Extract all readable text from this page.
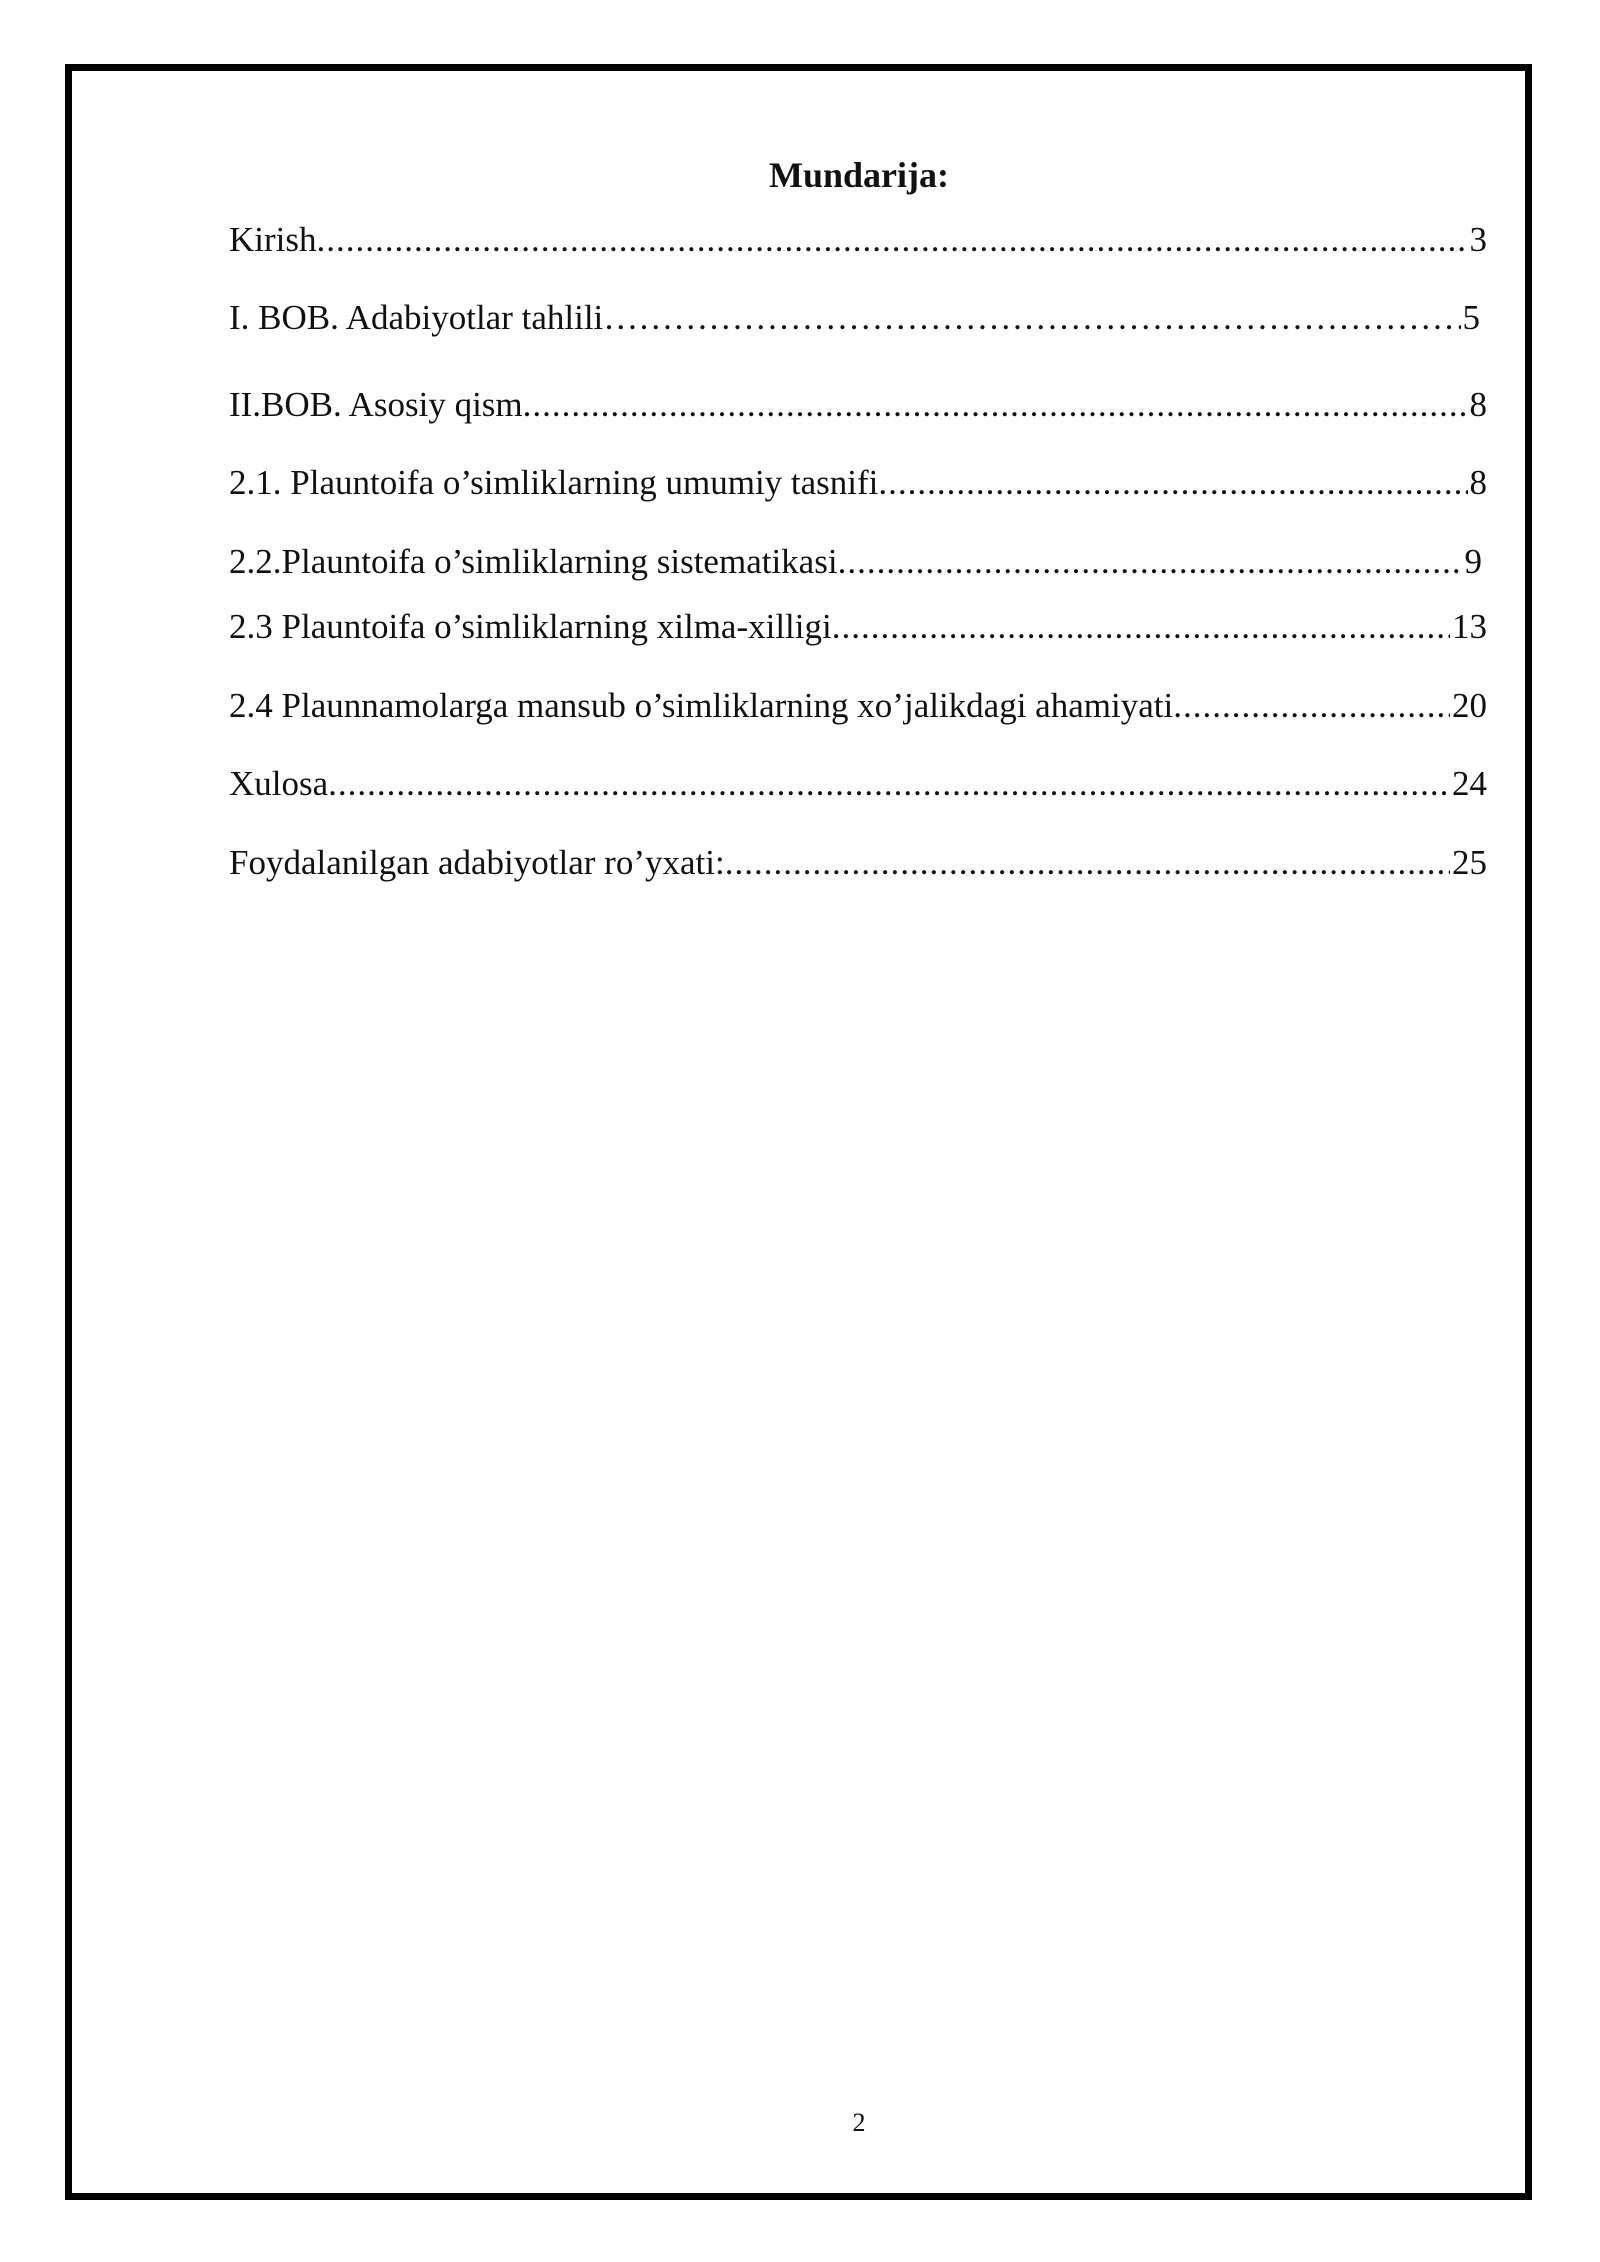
Mundarija:
Kirish .....	3
I. BOB. Adabiyotlar tahlili ………………………………………………………………………………………………………………………………………………………………………………	5
II.BOB. Asosiy qism .....	8
2.1. Plauntoifa o’simliklarning umumiy tasnifi .....	8
2.2.Plauntoifa o’simliklarning sistematikasi .....	9
2.3 Plauntoifa o’simliklarning xilma-xilligi .....	13
2.4 Plaunnamolarga mansub o’simliklarning xo’jalikdagi ahamiyati .....	20
Xulosa .....	24
Foydalanilgan adabiyotlar ro’yxati: .....	25
2
